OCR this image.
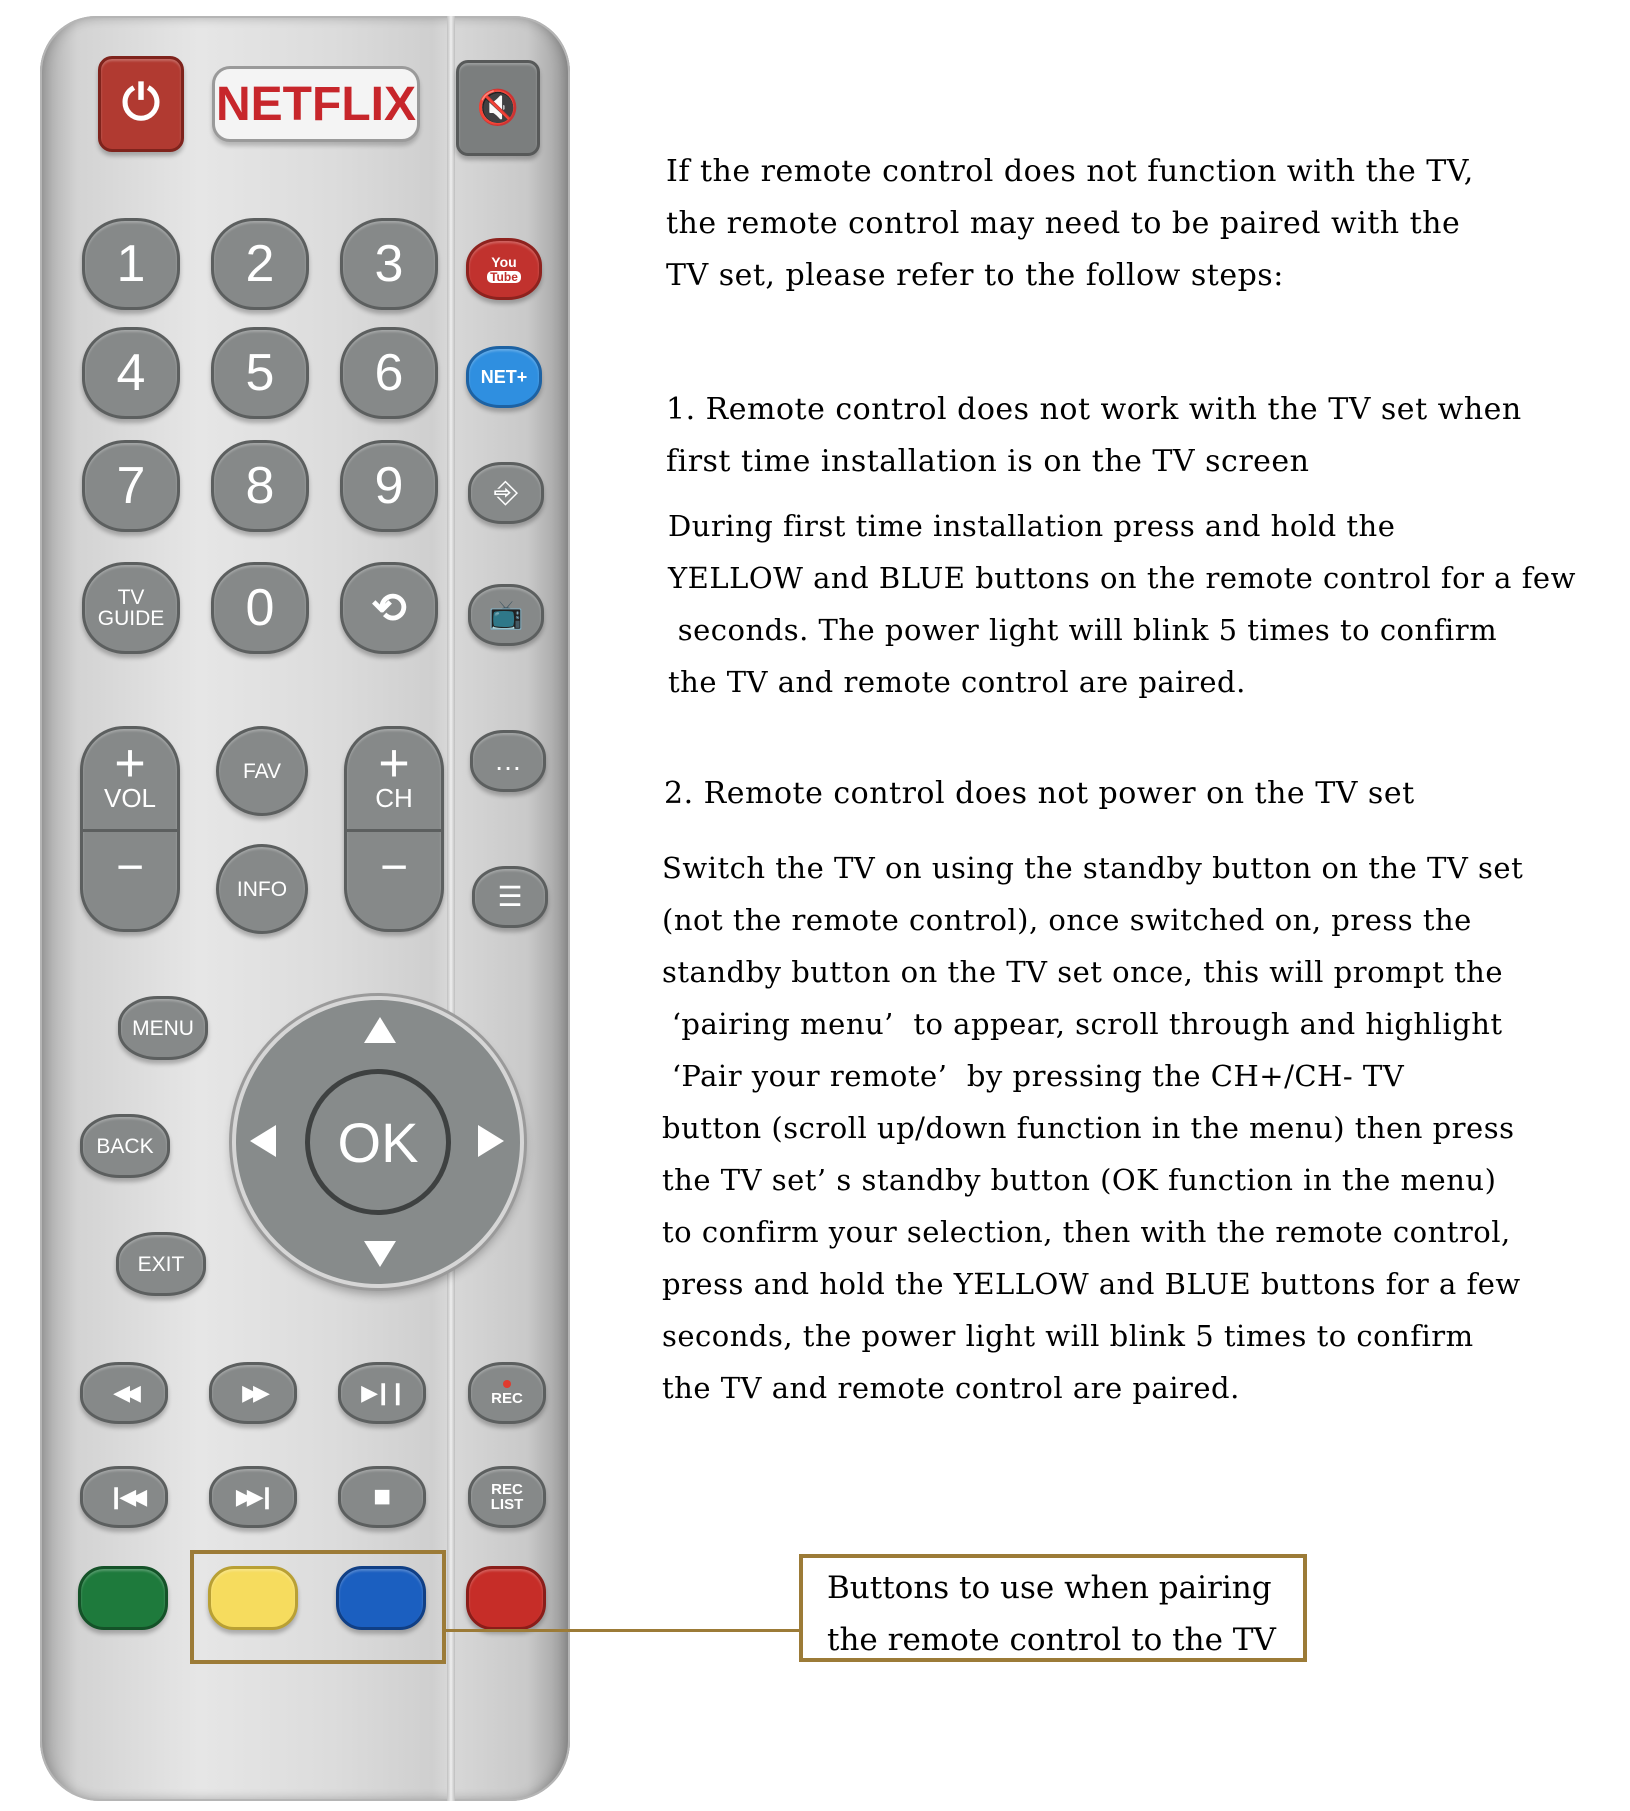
⏻ NETFLIX 🔇
1 2 3
4 5 6
7 8 9
TV
GUIDE 0 ⟲
You
Tube
NET+
⎆
📺
…
☰
+
VOL
−
+
CH
−
FAV
INFO
MENU
BACK
EXIT
OK
◀◀	▶▶	▶❙❙	REC
❙◀◀	▶▶❙	■	REC
LIST
Buttons to use when pairing
the remote control to the TV
If the remote control does not function with the TV,
the remote control may need to be paired with the
TV set, please refer to the follow steps:
1. Remote control does not work with the TV set when
first time installation is on the TV screen
During first time installation press and hold the
YELLOW and BLUE buttons on the remote control for a few
seconds. The power light will blink 5 times to confirm
the TV and remote control are paired.
2. Remote control does not power on the TV set
Switch the TV on using the standby button on the TV set
(not the remote control), once switched on, press the
standby button on the TV set once, this will prompt the
‘pairing menu’  to appear, scroll through and highlight
‘Pair your remote’  by pressing the CH+/CH- TV
button (scroll up/down function in the menu) then press
the TV set’ s standby button (OK function in the menu)
to confirm your selection, then with the remote control,
press and hold the YELLOW and BLUE buttons for a few
seconds, the power light will blink 5 times to confirm
the TV and remote control are paired.
